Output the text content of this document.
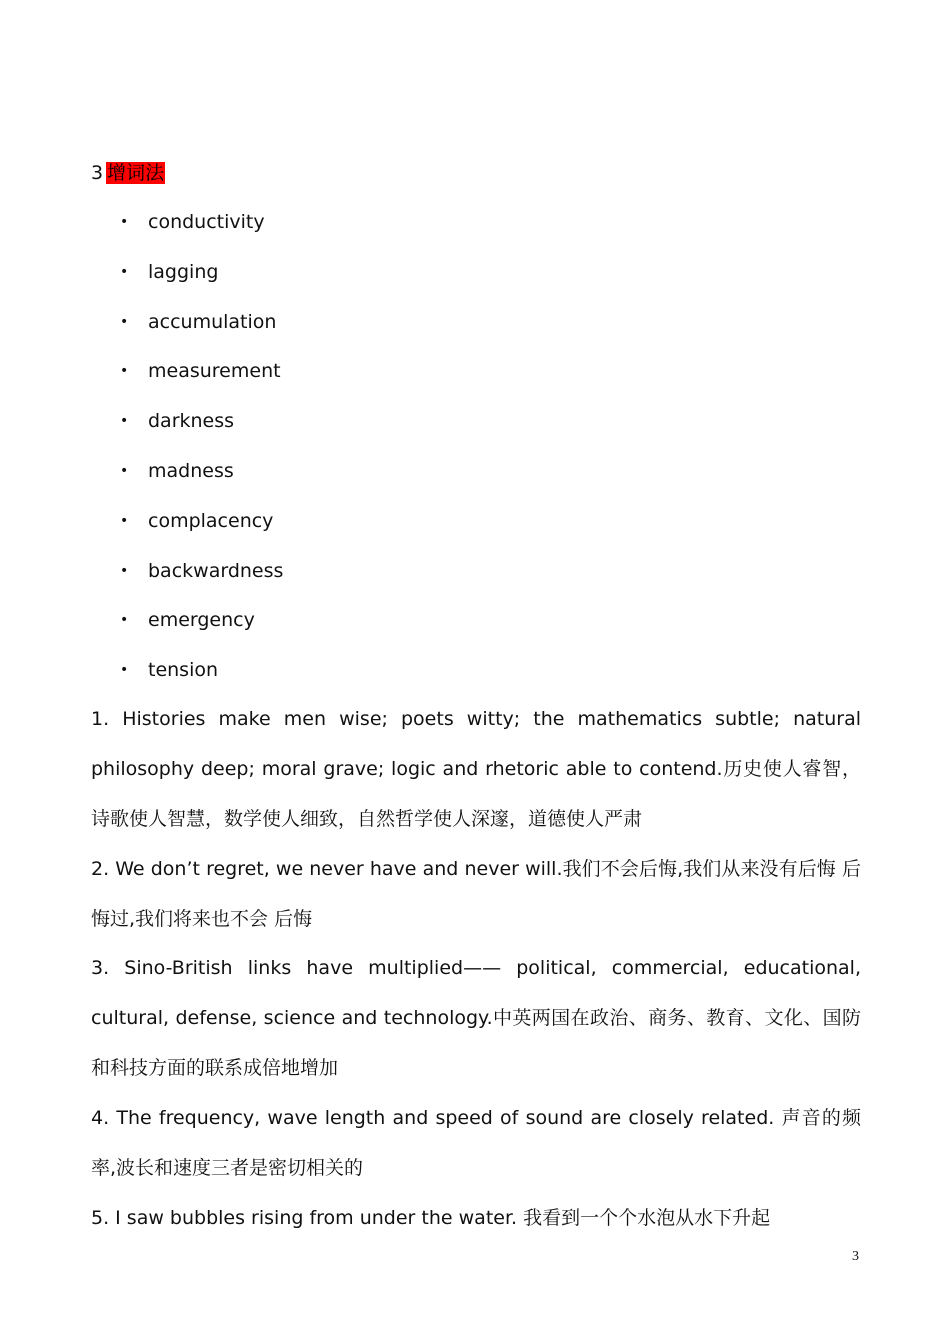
3 增词法
• conductivity
• lagging
• accumulation
• measurement
• darkness
• madness
• complacency
• backwardness
• emergency
• tension

1. Histories make men wise; poets witty; the mathematics subtle; natural philosophy deep; moral grave; logic and rhetoric able to contend.历史使人睿智，诗歌使人智慧，数学使人细致，自然哲学使人深邃，道德使人严肃

2. We don’t regret, we never have and never will.我们不会后悔,我们从来没有后悔 后悔过,我们将来也不会 后悔

3. Sino-British links have multiplied—— political, commercial, educational, cultural, defense, science and technology.中英两国在政治、商务、教育、文化、国防和科技方面的联系成倍地增加

4. The frequency, wave length and speed of sound are closely related. 声音的频率,波长和速度三者是密切相关的

5. I saw bubbles rising from under the water. 我看到一个个水泡从水下升起

3
